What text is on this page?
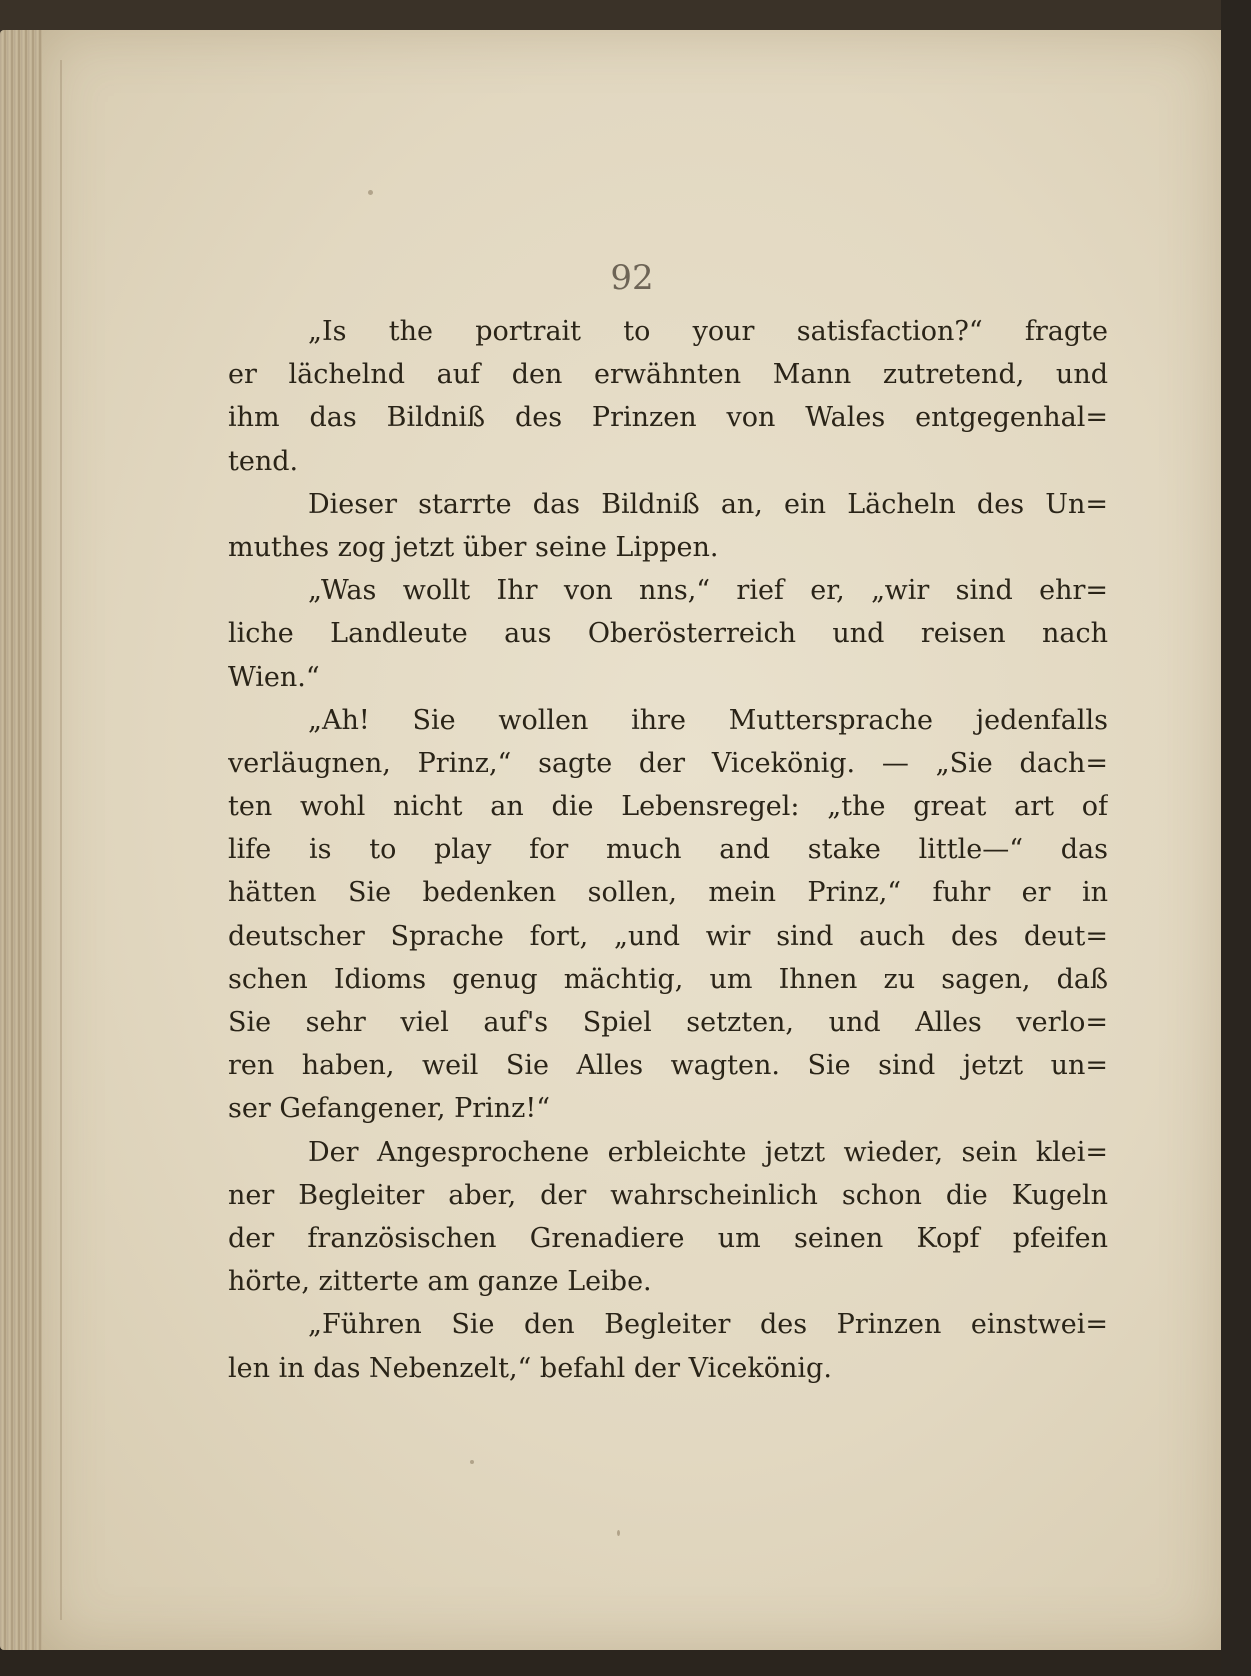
92
„Is the portrait to your satisfaction?“ fragte
er lächelnd auf den erwähnten Mann zutretend, und
ihm das Bildniß des Prinzen von Wales entgegenhal=
tend.
Dieser starrte das Bildniß an, ein Lächeln des Un=
muthes zog jetzt über seine Lippen.
„Was wollt Ihr von nns,“ rief er, „wir sind ehr=
liche Landleute aus Oberösterreich und reisen nach
Wien.“
„Ah! Sie wollen ihre Muttersprache jedenfalls
verläugnen, Prinz,“ sagte der Vicekönig. — „Sie dach=
ten wohl nicht an die Lebensregel: „the great art of
life is to play for much and stake little—“ das
hätten Sie bedenken sollen, mein Prinz,“ fuhr er in
deutscher Sprache fort, „und wir sind auch des deut=
schen Idioms genug mächtig, um Ihnen zu sagen, daß
Sie sehr viel auf's Spiel setzten, und Alles verlo=
ren haben, weil Sie Alles wagten. Sie sind jetzt un=
ser Gefangener, Prinz!“
Der Angesprochene erbleichte jetzt wieder, sein klei=
ner Begleiter aber, der wahrscheinlich schon die Kugeln
der französischen Grenadiere um seinen Kopf pfeifen
hörte, zitterte am ganze Leibe.
„Führen Sie den Begleiter des Prinzen einstwei=
len in das Nebenzelt,“ befahl der Vicekönig.
